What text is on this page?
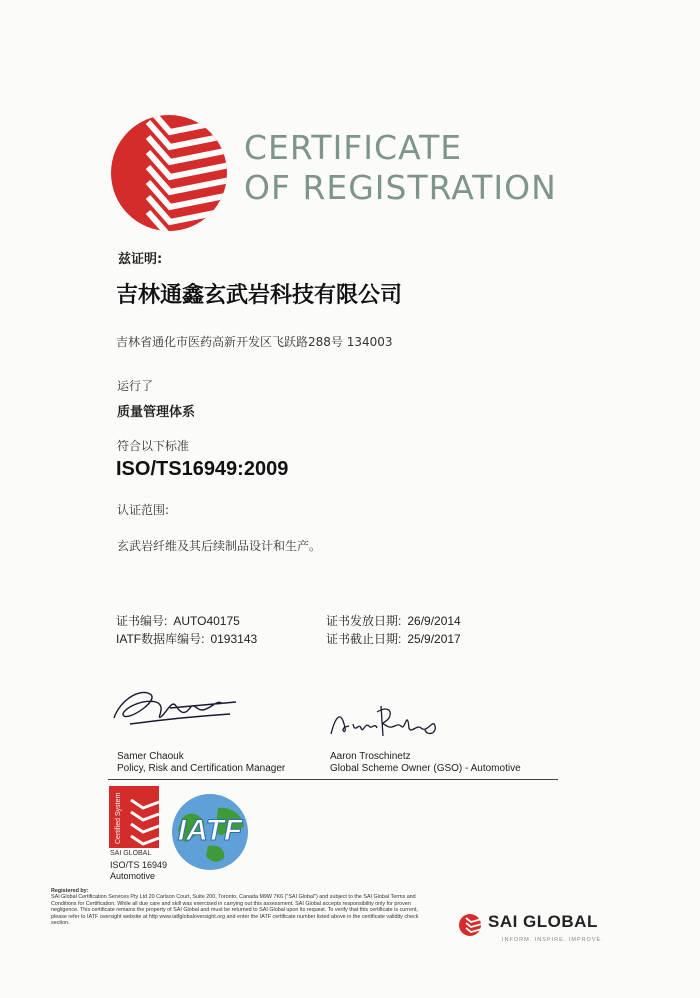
CERTIFICATE
OF REGISTRATION
兹证明:
吉林通鑫玄武岩科技有限公司
吉林省通化市医药高新开发区飞跃路288号 134003
运行了
质量管理体系
符合以下标准
ISO/TS16949:2009
认证范围:
玄武岩纤维及其后续制品设计和生产。
证书编号: AUTO40175
IATF数据库编号: 0193143
证书发放日期: 26/9/2014
证书截止日期: 25/9/2017
Samer Chaouk
Policy, Risk and Certification Manager
Aaron Troschinetz
Global Scheme Owner (GSO) - Automotive
Certified System
SAI GLOBAL
ISO/TS 16949
Automotive
IATF
Registered by:
SAI Global Certification Services Pty Ltd 20 Carlson Court, Suite 200, Toronto, Canada M9W 7K6 ("SAI Global") and subject to the SAI Global Terms and Conditions for Certification. While all due care and skill was exercised in carrying out this assessment, SAI Global accepts responsibility only for proven negligence. This certificate remains the property of SAI Global and must be returned to SAI Global upon its request. To verify that this certificate is current, please refer to IATF oversight website at http www.iatfglobaloversight.org and enter the IATF certificate number listed above in the certificate validity check section.	SAI GLOBAL
INFORM. INSPIRE. IMPROVE.
